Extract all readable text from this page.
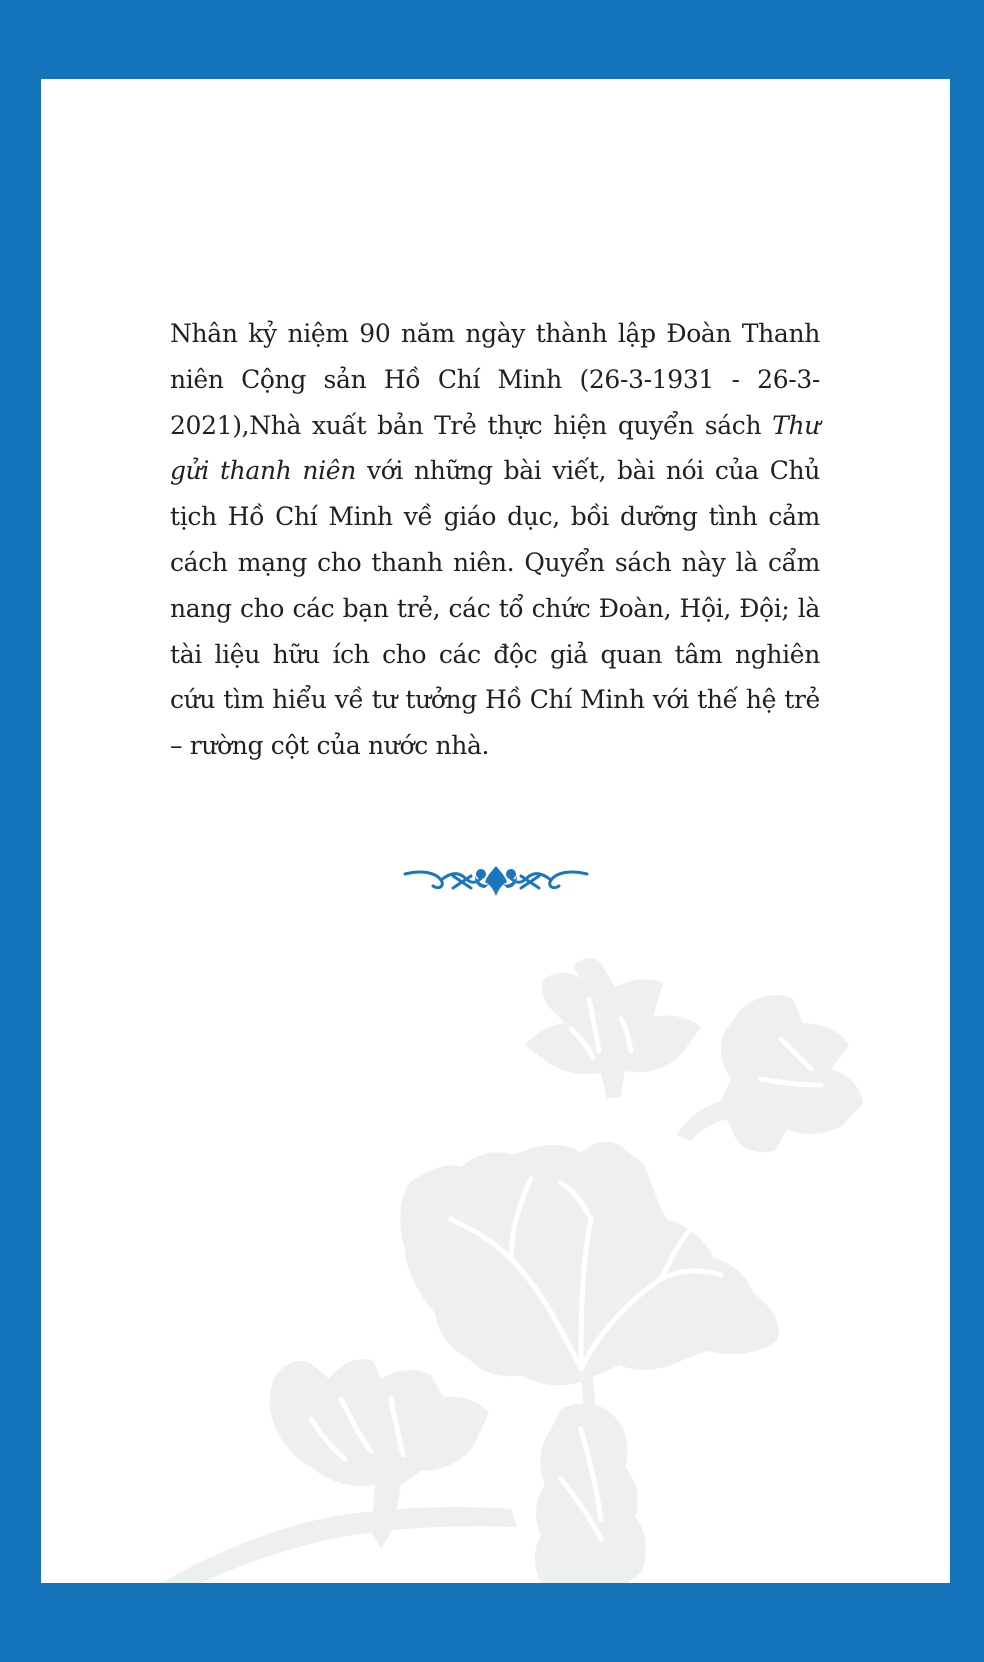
Nhân kỷ niệm 90 năm ngày thành lập Đoàn Thanh niên Cộng sản Hồ Chí Minh (26-3-1931 - 26-3-2021),Nhà xuất bản Trẻ thực hiện quyển sách Thư gửi thanh niên với những bài viết, bài nói của Chủ tịch Hồ Chí Minh về giáo dục, bồi dưỡng tình cảm cách mạng cho thanh niên. Quyển sách này là cẩm nang cho các bạn trẻ, các tổ chức Đoàn, Hội, Đội; là tài liệu hữu ích cho các độc giả quan tâm nghiên cứu tìm hiểu về tư tưởng Hồ Chí Minh với thế hệ trẻ – rường cột của nước nhà.
